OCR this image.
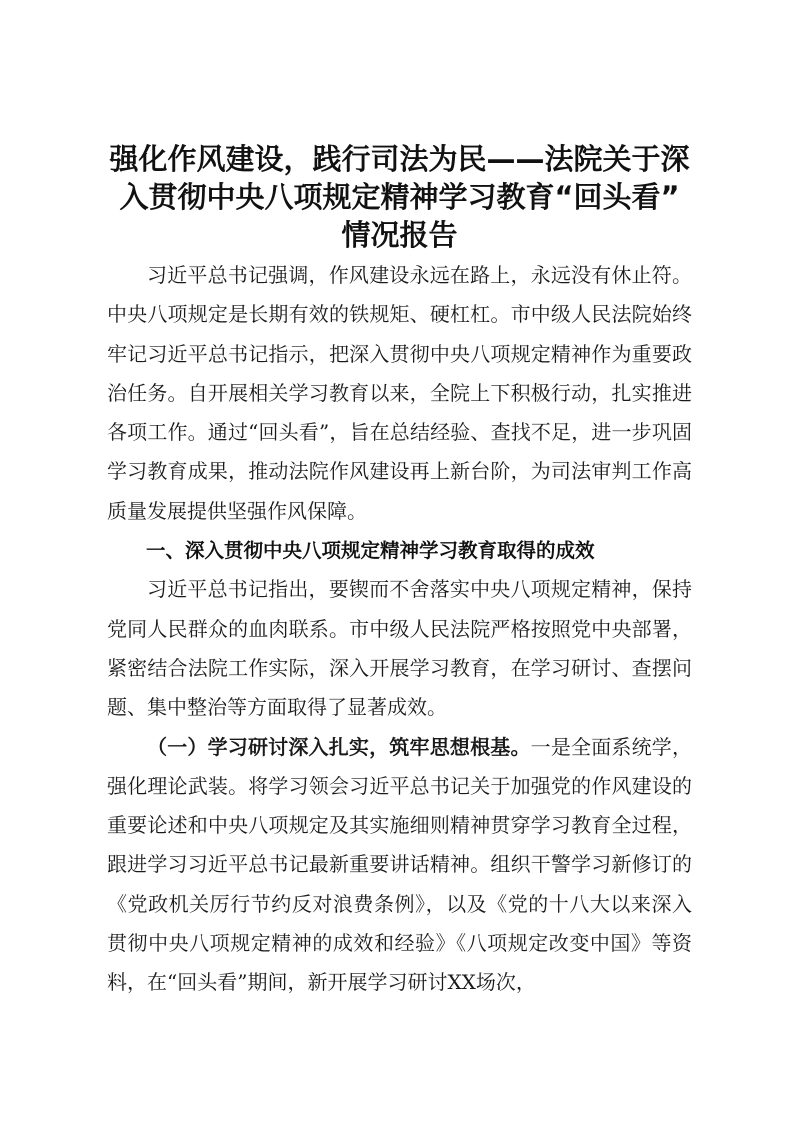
强化作风建设，践行司法为民——法院关于深
入贯彻中央八项规定精神学习教育“回头看”
情况报告

习近平总书记强调，作风建设永远在路上，永远没有休止符。中央八项规定是长期有效的铁规矩、硬杠杠。市中级人民法院始终牢记习近平总书记指示，把深入贯彻中央八项规定精神作为重要政治任务。自开展相关学习教育以来，全院上下积极行动，扎实推进各项工作。通过“回头看”，旨在总结经验、查找不足，进一步巩固学习教育成果，推动法院作风建设再上新台阶，为司法审判工作高质量发展提供坚强作风保障。

一、深入贯彻中央八项规定精神学习教育取得的成效

习近平总书记指出，要锲而不舍落实中央八项规定精神，保持党同人民群众的血肉联系。市中级人民法院严格按照党中央部署，紧密结合法院工作实际，深入开展学习教育，在学习研讨、查摆问题、集中整治等方面取得了显著成效。

（一）学习研讨深入扎实，筑牢思想根基。一是全面系统学，强化理论武装。将学习领会习近平总书记关于加强党的作风建设的重要论述和中央八项规定及其实施细则精神贯穿学习教育全过程，跟进学习习近平总书记最新重要讲话精神。组织干警学习新修订的《党政机关厉行节约反对浪费条例》，以及《党的十八大以来深入贯彻中央八项规定精神的成效和经验》《八项规定改变中国》等资料，在“回头看”期间，新开展学习研讨XX场次，
